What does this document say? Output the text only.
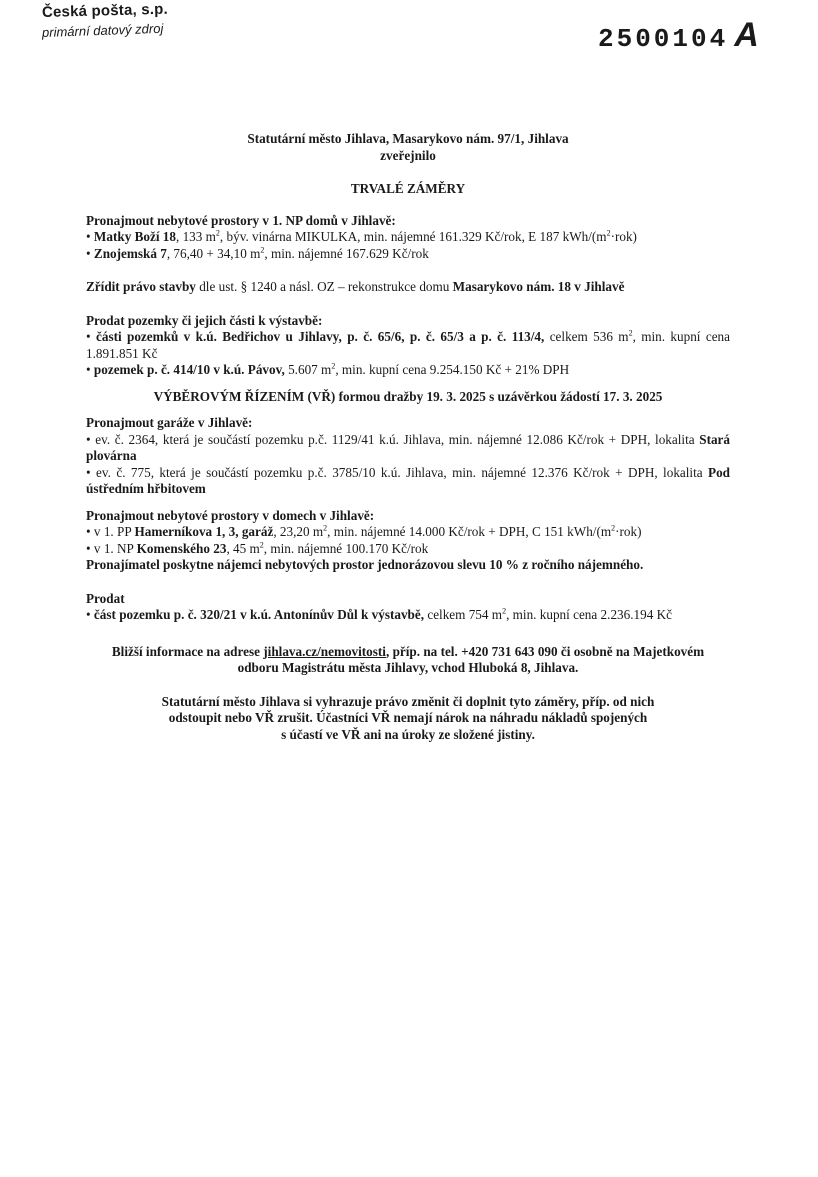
Česká pošta, s.p.
primární datový zdroj	2500104 A
Statutární město Jihlava, Masarykovo nám. 97/1, Jihlava
zveřejnilo
TRVALÉ ZÁMĚRY
Pronajmout nebytové prostory v 1. NP domů v Jihlavě:

• Matky Boží 18, 133 $m^2$, býv. vinárna MIKULKA, min. nájemné 161.329 Kč/rok, E 187 kWh/$(m^2\cdot rok)$

• Znojemská 7, 76,40 + 34,10 $m^2$, min. nájemné 167.629 Kč/rok

Zřídit právo stavby dle ust. § 1240 a násl. OZ – rekonstrukce domu Masarykovo nám. 18 v Jihlavě

Prodat pozemky či jejich části k výstavbě:

• části pozemků v k.ú. Bedřichov u Jihlavy, p. č. 65/6, p. č. 65/3 a p. č. 113/4, celkem 536 $m^2$, min. kupní cena 1.891.851 Kč

• pozemek p. č. 414/10 v k.ú. Pávov, 5.607 $m^2$, min. kupní cena 9.254.150 Kč + 21% DPH

VÝBĚROVÝM ŘÍZENÍM (VŘ) formou dražby 19. 3. 2025 s uzávěrkou žádostí 17. 3. 2025
Pronajmout garáže v Jihlavě:

• ev. č. 2364, která je součástí pozemku p.č. 1129/41 k.ú. Jihlava, min. nájemné 12.086 Kč/rok + DPH, lokalita Stará plovárna

• ev. č. 775, která je součástí pozemku p.č. 3785/10 k.ú. Jihlava, min. nájemné 12.376 Kč/rok + DPH, lokalita Pod ústředním hřbitovem

Pronajmout nebytové prostory v domech v Jihlavě:

• v 1. PP Hamerníkova 1, 3, garáž, 23,20 $m^2$, min. nájemné 14.000 Kč/rok + DPH, C 151 kWh/$(m^2\cdot rok)$

• v 1. NP Komenského 23, 45 $m^2$, min. nájemné 100.170 Kč/rok

Pronajímatel poskytne nájemci nebytových prostor jednorázovou slevu 10 % z ročního nájemného.

Prodat

• část pozemku p. č. 320/21 v k.ú. Antonínův Důl k výstavbě, celkem 754 $m^2$, min. kupní cena 2.236.194 Kč

Bližší informace na adrese jihlava.cz/nemovitosti, příp. na tel. +420 731 643 090 či osobně na Majetkovém odboru Magistrátu města Jihlavy, vchod Hluboká 8, Jihlava.

Statutární město Jihlava si vyhrazuje právo změnit či doplnit tyto záměry, příp. od nich
odstoupit nebo VŘ zrušit. Účastníci VŘ nemají nárok na náhradu nákladů spojených
s účastí ve VŘ ani na úroky ze složené jistiny.
